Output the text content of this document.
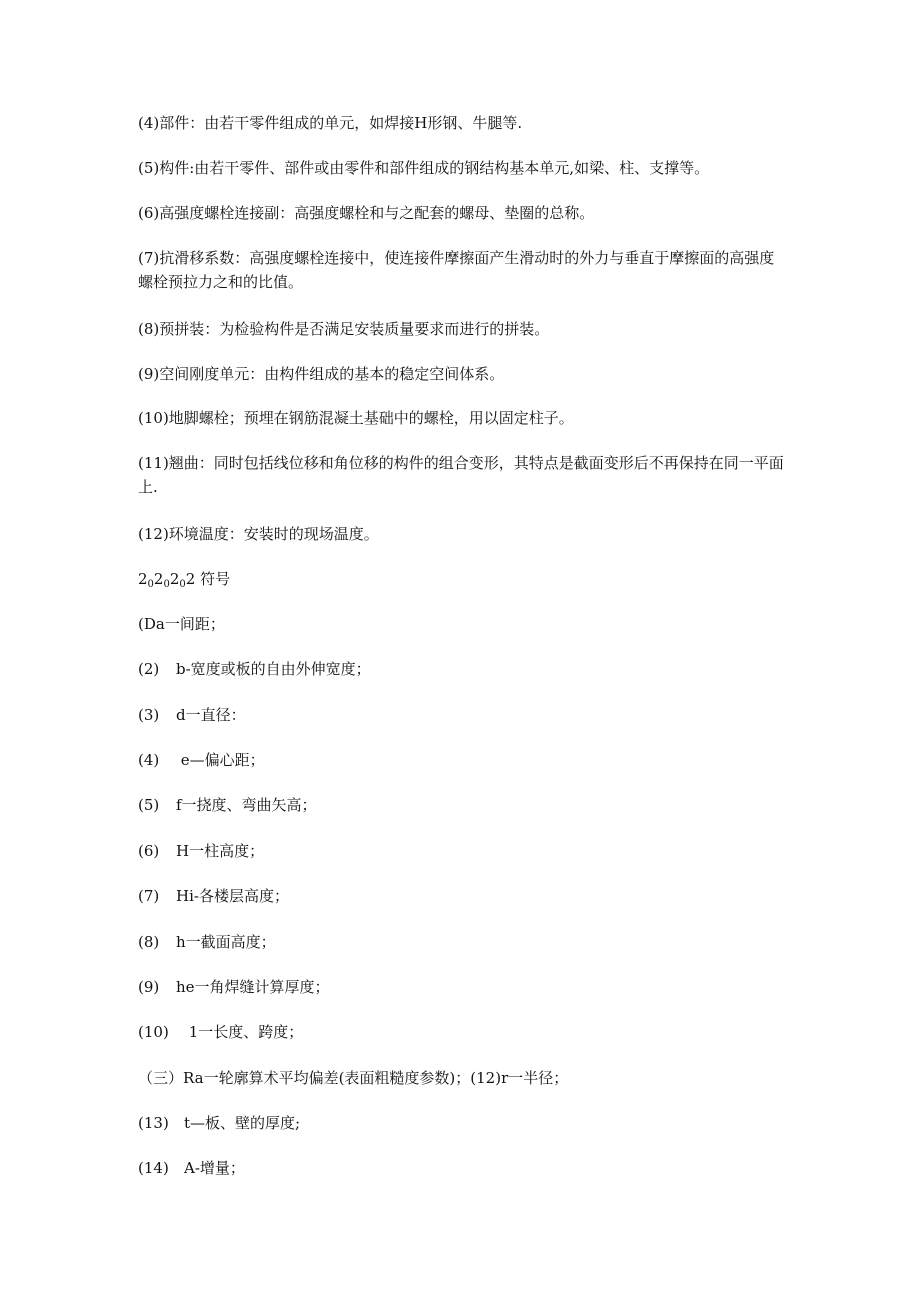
(4)部件：由若干零件组成的单元，如焊接H形钢、牛腿等.

(5)构件:由若干零件、部件或由零件和部件组成的钢结构基本单元,如梁、柱、支撑等。

(6)高强度螺栓连接副：高强度螺栓和与之配套的螺母、垫圈的总称。

(7)抗滑移系数：高强度螺栓连接中，使连接件摩擦面产生滑动时的外力与垂直于摩擦面的高强度螺栓预拉力之和的比值。

(8)预拼装：为检验构件是否满足安装质量要求而进行的拼装。

(9)空间刚度单元：由构件组成的基本的稳定空间体系。

(10)地脚螺栓；预埋在钢筋混凝土基础中的螺栓，用以固定柱子。

(11)翘曲：同时包括线位移和角位移的构件的组合变形，其特点是截面变形后不再保持在同一平面上.

(12)环境温度：安装时的现场温度。

$2_02_02_02$ 符号

(Da一间距；

(2) b-宽度或板的自由外伸宽度；

(3) d一直径：

(4) e—偏心距；

(5) f一挠度、弯曲矢高；

(6) H一柱高度；

(7) Hi-各楼层高度；

(8) h一截面高度；

(9) he一角焊缝计算厚度；

(10) 1一长度、跨度；

（三）Ra一轮廓算术平均偏差(表面粗糙度参数)；(12)r一半径；

(13) t—板、壁的厚度;

(14) A-增量；
